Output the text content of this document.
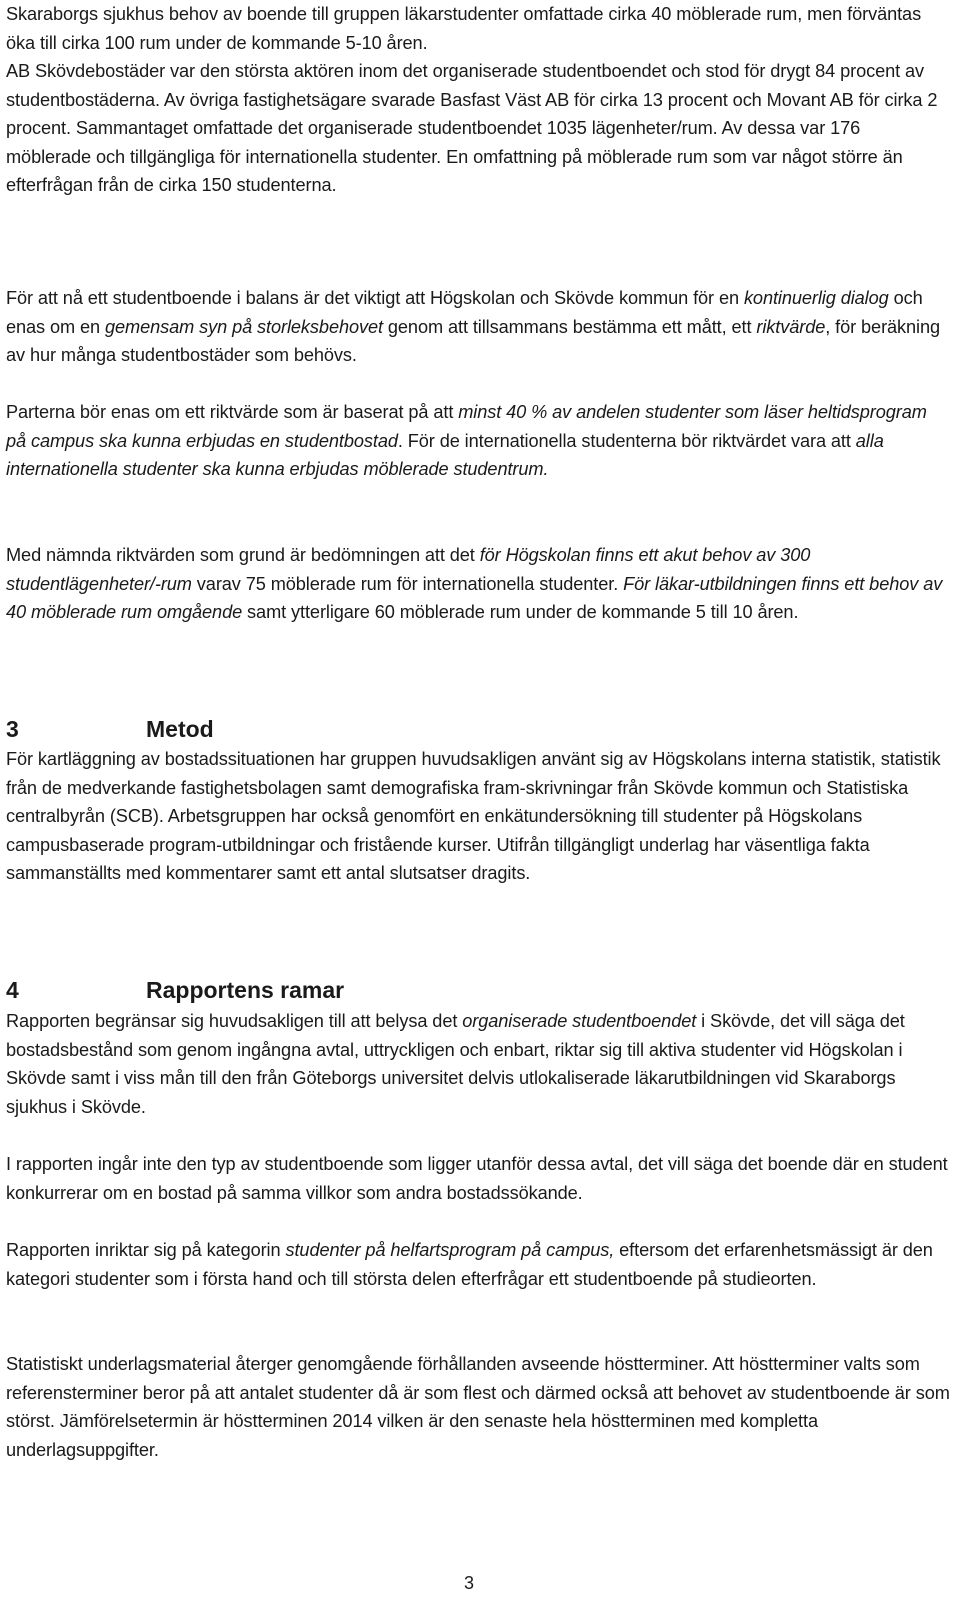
Skaraborgs sjukhus behov av boende till gruppen läkarstudenter omfattade cirka 40 möblerade rum, men förväntas öka till cirka 100 rum under de kommande 5-10 åren.

AB Skövdebostäder var den största aktören inom det organiserade studentboendet och stod för drygt 84 procent av studentbostäderna. Av övriga fastighetsägare svarade Basfast Väst AB för cirka 13 procent och Movant AB för cirka 2 procent. Sammantaget omfattade det organiserade studentboendet 1035 lägenheter/rum. Av dessa var 176 möblerade och tillgängliga för internationella studenter. En omfattning på möblerade rum som var något större än efterfrågan från de cirka 150 studenterna.

För att nå ett studentboende i balans är det viktigt att Högskolan och Skövde kommun för en kontinuerlig dialog och enas om en gemensam syn på storleksbehovet genom att tillsammans bestämma ett mått, ett riktvärde, för beräkning av hur många studentbostäder som behövs.

Parterna bör enas om ett riktvärde som är baserat på att minst 40 % av andelen studenter som läser heltidsprogram på campus ska kunna erbjudas en studentbostad. För de internationella studenterna bör riktvärdet vara att alla internationella studenter ska kunna erbjudas möblerade studentrum.

Med nämnda riktvärden som grund är bedömningen att det för Högskolan finns ett akut behov av 300 studentlägenheter/-rum varav 75 möblerade rum för internationella studenter. För läkar-utbildningen finns ett behov av 40 möblerade rum omgående samt ytterligare 60 möblerade rum under de kommande 5 till 10 åren.

3	Metod

För kartläggning av bostadssituationen har gruppen huvudsakligen använt sig av Högskolans interna statistik, statistik från de medverkande fastighetsbolagen samt demografiska fram-skrivningar från Skövde kommun och Statistiska centralbyrån (SCB). Arbetsgruppen har också genomfört en enkätundersökning till studenter på Högskolans campusbaserade program-utbildningar och fristående kurser. Utifrån tillgängligt underlag har väsentliga fakta sammanställts med kommentarer samt ett antal slutsatser dragits.

4	Rapportens ramar

Rapporten begränsar sig huvudsakligen till att belysa det organiserade studentboendet i Skövde, det vill säga det bostadsbestånd som genom ingångna avtal, uttryckligen och enbart, riktar sig till aktiva studenter vid Högskolan i Skövde samt i viss mån till den från Göteborgs universitet delvis utlokaliserade läkarutbildningen vid Skaraborgs sjukhus i Skövde.

I rapporten ingår inte den typ av studentboende som ligger utanför dessa avtal, det vill säga det boende där en student konkurrerar om en bostad på samma villkor som andra bostadssökande.

Rapporten inriktar sig på kategorin studenter på helfartsprogram på campus, eftersom det erfarenhetsmässigt är den kategori studenter som i första hand och till största delen efterfrågar ett studentboende på studieorten.

Statistiskt underlagsmaterial återger genomgående förhållanden avseende höstterminer. Att höstterminer valts som referensterminer beror på att antalet studenter då är som flest och därmed också att behovet av studentboende är som störst. Jämförelsetermin är höstterminen 2014 vilken är den senaste hela höstterminen med kompletta underlagsuppgifter.

3
